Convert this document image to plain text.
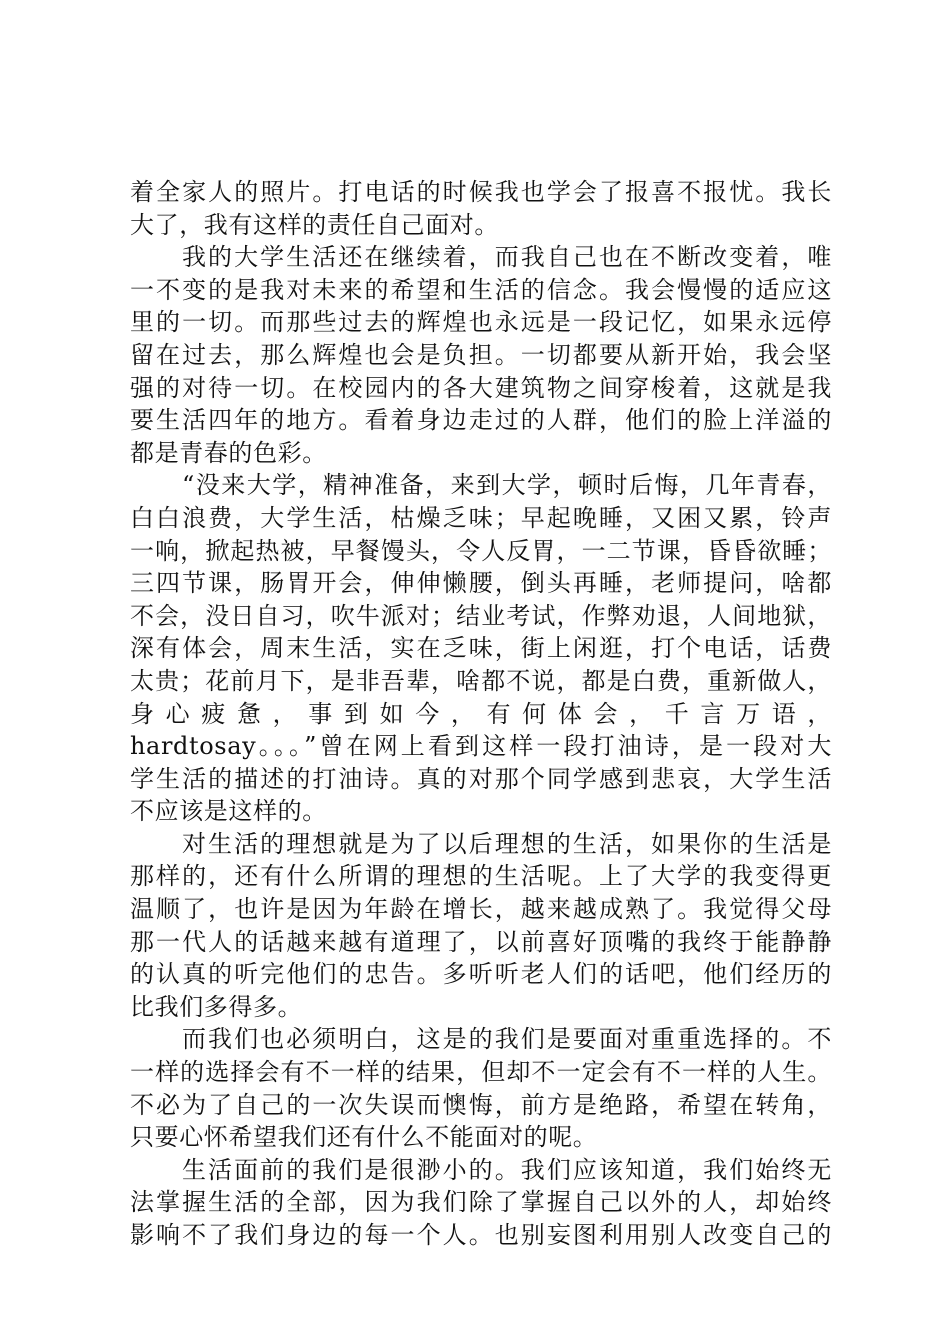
着全家人的照片。打电话的时候我也学会了报喜不报忧。我长
大了，我有这样的责任自己面对。
我的大学生活还在继续着，而我自己也在不断改变着，唯
一不变的是我对未来的希望和生活的信念。我会慢慢的适应这
里的一切。而那些过去的辉煌也永远是一段记忆，如果永远停
留在过去，那么辉煌也会是负担。一切都要从新开始，我会坚
强的对待一切。在校园内的各大建筑物之间穿梭着，这就是我
要生活四年的地方。看着身边走过的人群，他们的脸上洋溢的
都是青春的色彩。
“没来大学，精神准备，来到大学，顿时后悔，几年青春，
白白浪费，大学生活，枯燥乏味；早起晚睡，又困又累，铃声
一响，掀起热被，早餐馒头，令人反胃，一二节课，昏昏欲睡；
三四节课，肠胃开会，伸伸懒腰，倒头再睡，老师提问，啥都
不会，没日自习，吹牛派对；结业考试，作弊劝退，人间地狱，
深有体会，周末生活，实在乏味，街上闲逛，打个电话，话费
太贵；花前月下，是非吾辈，啥都不说，都是白费，重新做人，
身 心 疲 惫 ， 事 到 如 今 ， 有 何 体 会 ， 千 言 万 语 ，
hardtosay。。。”曾在网上看到这样一段打油诗，是一段对大
学生活的描述的打油诗。真的对那个同学感到悲哀，大学生活
不应该是这样的。
对生活的理想就是为了以后理想的生活，如果你的生活是
那样的，还有什么所谓的理想的生活呢。上了大学的我变得更
温顺了，也许是因为年龄在增长，越来越成熟了。我觉得父母
那一代人的话越来越有道理了，以前喜好顶嘴的我终于能静静
的认真的听完他们的忠告。多听听老人们的话吧，他们经历的
比我们多得多。
而我们也必须明白，这是的我们是要面对重重选择的。不
一样的选择会有不一样的结果，但却不一定会有不一样的人生。
不必为了自己的一次失误而懊悔，前方是绝路，希望在转角，
只要心怀希望我们还有什么不能面对的呢。
生活面前的我们是很渺小的。我们应该知道，我们始终无
法掌握生活的全部，因为我们除了掌握自己以外的人，却始终
影响不了我们身边的每一个人。也别妄图利用别人改变自己的
